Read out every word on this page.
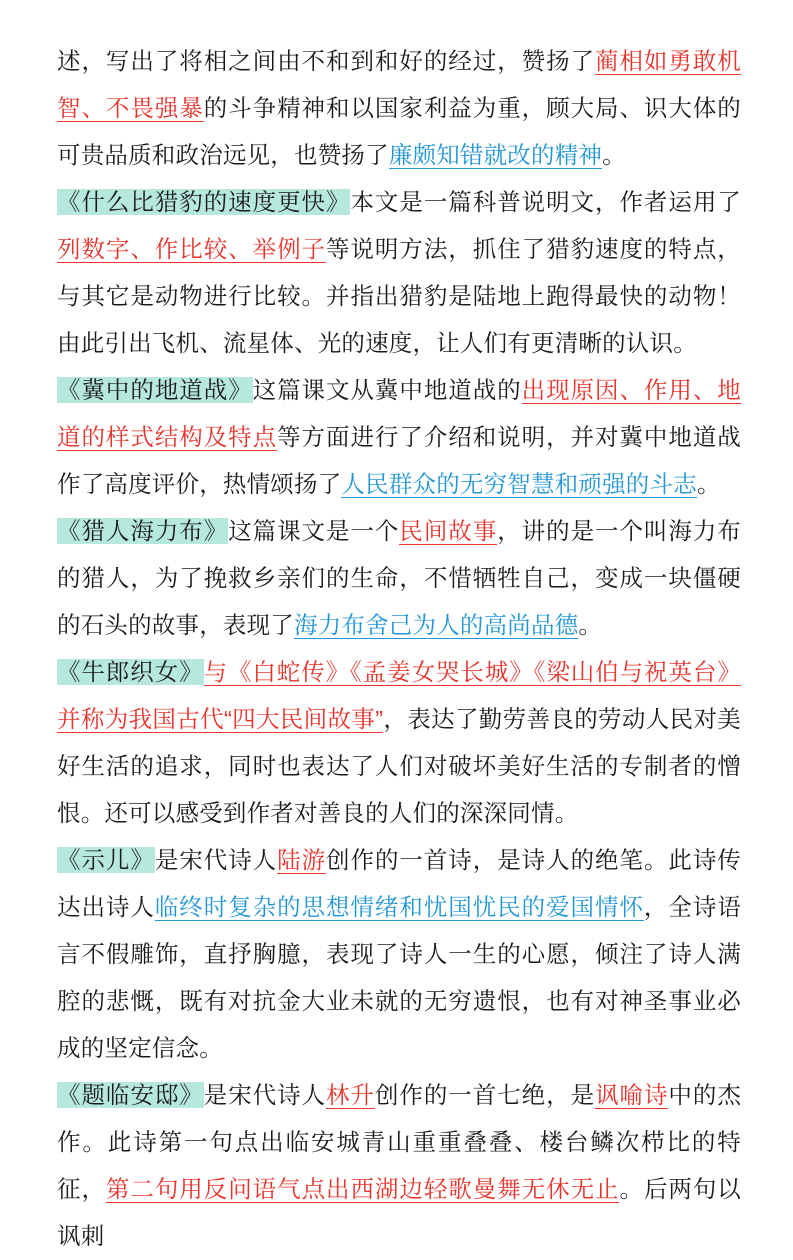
述，写出了将相之间由不和到和好的经过，赞扬了蔺相如勇敢机智、不畏强暴的斗争精神和以国家利益为重，顾大局、识大体的可贵品质和政治远见，也赞扬了廉颇知错就改的精神。
《什么比猎豹的速度更快》本文是一篇科普说明文，作者运用了列数字、作比较、举例子等说明方法，抓住了猎豹速度的特点，与其它是动物进行比较。并指出猎豹是陆地上跑得最快的动物！由此引出飞机、流星体、光的速度，让人们有更清晰的认识。
《冀中的地道战》这篇课文从冀中地道战的出现原因、作用、地道的样式结构及特点等方面进行了介绍和说明，并对冀中地道战作了高度评价，热情颂扬了人民群众的无穷智慧和顽强的斗志。
《猎人海力布》这篇课文是一个民间故事，讲的是一个叫海力布的猎人，为了挽救乡亲们的生命，不惜牺牲自己，变成一块僵硬的石头的故事，表现了海力布舍己为人的高尚品德。
《牛郎织女》与《白蛇传》《孟姜女哭长城》《梁山伯与祝英台》并称为我国古代“四大民间故事”，表达了勤劳善良的劳动人民对美好生活的追求，同时也表达了人们对破坏美好生活的专制者的憎恨。还可以感受到作者对善良的人们的深深同情。
《示儿》是宋代诗人陆游创作的一首诗，是诗人的绝笔。此诗传达出诗人临终时复杂的思想情绪和忧国忧民的爱国情怀，全诗语言不假雕饰，直抒胸臆，表现了诗人一生的心愿，倾注了诗人满腔的悲慨，既有对抗金大业未就的无穷遗恨，也有对神圣事业必成的坚定信念。
《题临安邸》是宋代诗人林升创作的一首七绝，是讽喻诗中的杰作。此诗第一句点出临安城青山重重叠叠、楼台鳞次栉比的特征，第二句用反问语气点出西湖边轻歌曼舞无休无止。后两句以讽刺
